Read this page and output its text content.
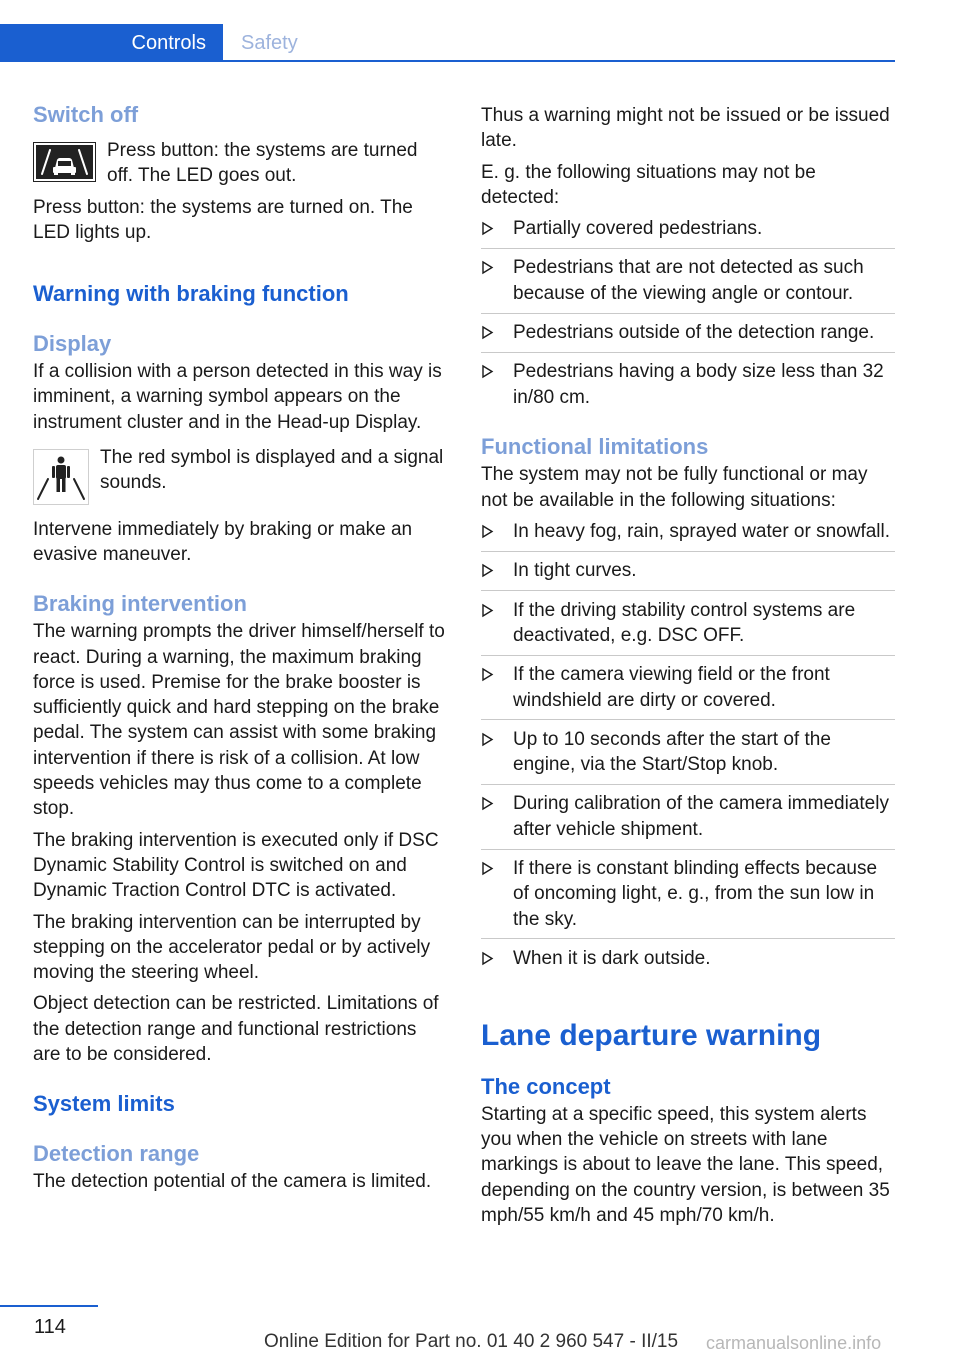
Controls Safety
Switch off

Press button: the systems are turned off. The LED goes out.

Press button: the systems are turned on. The LED lights up.

Warning with braking function
Display

If a collision with a person detected in this way is imminent, a warning symbol appears on the instrument cluster and in the Head-up Display.

The red symbol is displayed and a signal sounds.

Intervene immediately by braking or make an evasive maneuver.

Braking intervention

The warning prompts the driver himself/herself to react. During a warning, the maximum braking force is used. Premise for the brake booster is sufficiently quick and hard stepping on the brake pedal. The system can assist with some braking intervention if there is risk of a collision. At low speeds vehicles may thus come to a complete stop.

The braking intervention is executed only if DSC Dynamic Stability Control is switched on and Dynamic Traction Control DTC is activated.

The braking intervention can be interrupted by stepping on the accelerator pedal or by actively moving the steering wheel.

Object detection can be restricted. Limitations of the detection range and functional restrictions are to be considered.

System limits
Detection range

The detection potential of the camera is limited.

Thus a warning might not be issued or be issued late.

E. g. the following situations may not be detected:

Partially covered pedestrians.
Pedestrians that are not detected as such because of the viewing angle or contour.
Pedestrians outside of the detection range.
Pedestrians having a body size less than 32 in/80 cm.
Functional limitations

The system may not be fully functional or may not be available in the following situations:

In heavy fog, rain, sprayed water or snowfall.
In tight curves.
If the driving stability control systems are deactivated, e.g. DSC OFF.
If the camera viewing field or the front windshield are dirty or covered.
Up to 10 seconds after the start of the engine, via the Start/Stop knob.
During calibration of the camera immediately after vehicle shipment.
If there is constant blinding effects because of oncoming light, e. g., from the sun low in the sky.
When it is dark outside.
Lane departure warning
The concept

Starting at a specific speed, this system alerts you when the vehicle on streets with lane markings is about to leave the lane. This speed, depending on the country version, is between 35 mph/55 km/h and 45 mph/70 km/h.

114
Online Edition for Part no. 01 40 2 960 547 - II/15 carmanualsonline.info
